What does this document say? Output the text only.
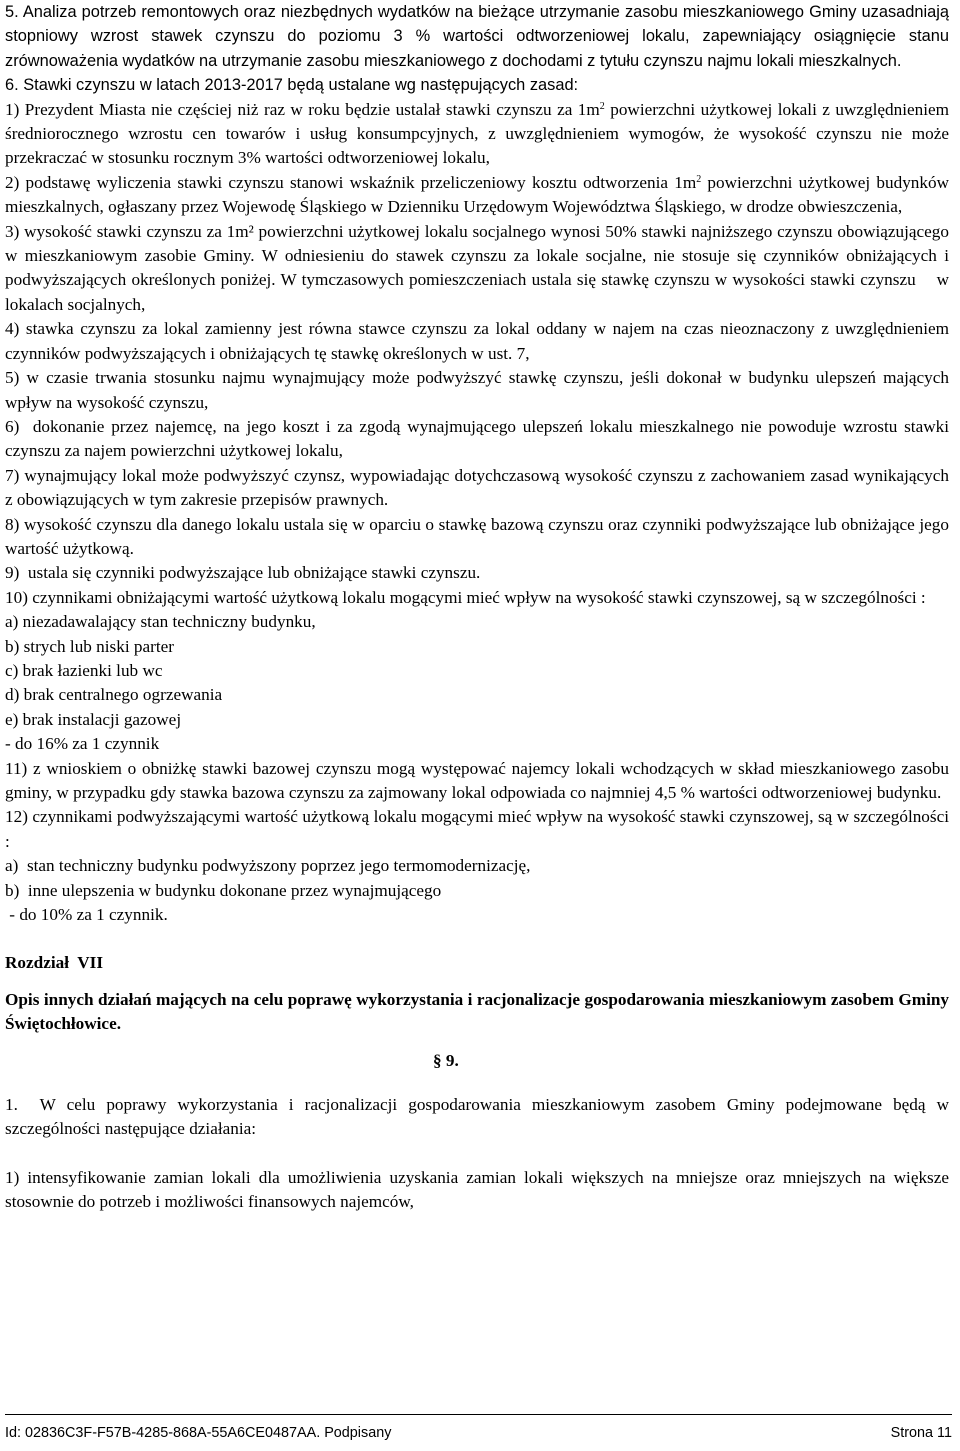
5. Analiza potrzeb remontowych oraz niezbędnych wydatków na bieżące utrzymanie zasobu mieszkaniowego Gminy uzasadniają stopniowy wzrost stawek czynszu do poziomu 3 % wartości odtworzeniowej lokalu, zapewniający osiągnięcie stanu zrównoważenia wydatków na utrzymanie zasobu mieszkaniowego z dochodami z tytułu czynszu najmu lokali mieszkalnych.

6. Stawki czynszu w latach 2013-2017 będą ustalane wg następujących zasad:

1) Prezydent Miasta nie częściej niż raz w roku będzie ustalał stawki czynszu za $1m^2$ powierzchni użytkowej lokali z uwzględnieniem średniorocznego wzrostu cen towarów i usług konsumpcyjnych, z uwzględnieniem wymogów, że wysokość czynszu nie może przekraczać w stosunku rocznym 3% wartości odtworzeniowej lokalu,

2) podstawę wyliczenia stawki czynszu stanowi wskaźnik przeliczeniowy kosztu odtworzenia $1m^2$ powierzchni użytkowej budynków mieszkalnych, ogłaszany przez Wojewodę Śląskiego w Dzienniku Urzędowym Województwa Śląskiego, w drodze obwieszczenia,

3) wysokość stawki czynszu za 1m² powierzchni użytkowej lokalu socjalnego wynosi 50% stawki najniższego czynszu obowiązującego w mieszkaniowym zasobie Gminy. W odniesieniu do stawek czynszu za lokale socjalne, nie stosuje się czynników obniżających i podwyższających określonych poniżej. W tymczasowych pomieszczeniach ustala się stawkę czynszu w wysokości stawki czynszu    w lokalach socjalnych,

4) stawka czynszu za lokal zamienny jest równa stawce czynszu za lokal oddany w najem na czas nieoznaczony z uwzględnieniem czynników podwyższających i obniżających tę stawkę określonych w ust. 7,

5) w czasie trwania stosunku najmu wynajmujący może podwyższyć stawkę czynszu, jeśli dokonał w budynku ulepszeń mających wpływ na wysokość czynszu,

6)  dokonanie przez najemcę, na jego koszt i za zgodą wynajmującego ulepszeń lokalu mieszkalnego nie powoduje wzrostu stawki czynszu za najem powierzchni użytkowej lokalu,

7) wynajmujący lokal może podwyższyć czynsz, wypowiadając dotychczasową wysokość czynszu z zachowaniem zasad wynikających z obowiązujących w tym zakresie przepisów prawnych.

8) wysokość czynszu dla danego lokalu ustala się w oparciu o stawkę bazową czynszu oraz czynniki podwyższające lub obniżające jego wartość użytkową.

9)  ustala się czynniki podwyższające lub obniżające stawki czynszu.

10) czynnikami obniżającymi wartość użytkową lokalu mogącymi mieć wpływ na wysokość stawki czynszowej, są w szczególności :

a) niezadawalający stan techniczny budynku,

b) strych lub niski parter

c) brak łazienki lub wc

d) brak centralnego ogrzewania

e) brak instalacji gazowej

- do 16% za 1 czynnik

11) z wnioskiem o obniżkę stawki bazowej czynszu mogą występować najemcy lokali wchodzących w skład mieszkaniowego zasobu gminy, w przypadku gdy stawka bazowa czynszu za zajmowany lokal odpowiada co najmniej 4,5 % wartości odtworzeniowej budynku.

12) czynnikami podwyższającymi wartość użytkową lokalu mogącymi mieć wpływ na wysokość stawki czynszowej, są w szczególności :

a)  stan techniczny budynku podwyższony poprzez jego termomodernizację,

b)  inne ulepszenia w budynku dokonane przez wynajmującego

- do 10% za 1 czynnik.

Rozdział  VII

Opis innych działań mających na celu poprawę wykorzystania i racjonalizacje gospodarowania mieszkaniowym zasobem Gminy Świętochłowice.

§ 9.

1.  W celu poprawy wykorzystania i racjonalizacji gospodarowania mieszkaniowym zasobem Gminy podejmowane będą w szczególności następujące działania:

1) intensyfikowanie zamian lokali dla umożliwienia uzyskania zamian lokali większych na mniejsze oraz mniejszych na większe stosownie do potrzeb i możliwości finansowych najemców,

Id: 02836C3F-F57B-4285-868A-55A6CE0487AA. Podpisany	Strona 11
